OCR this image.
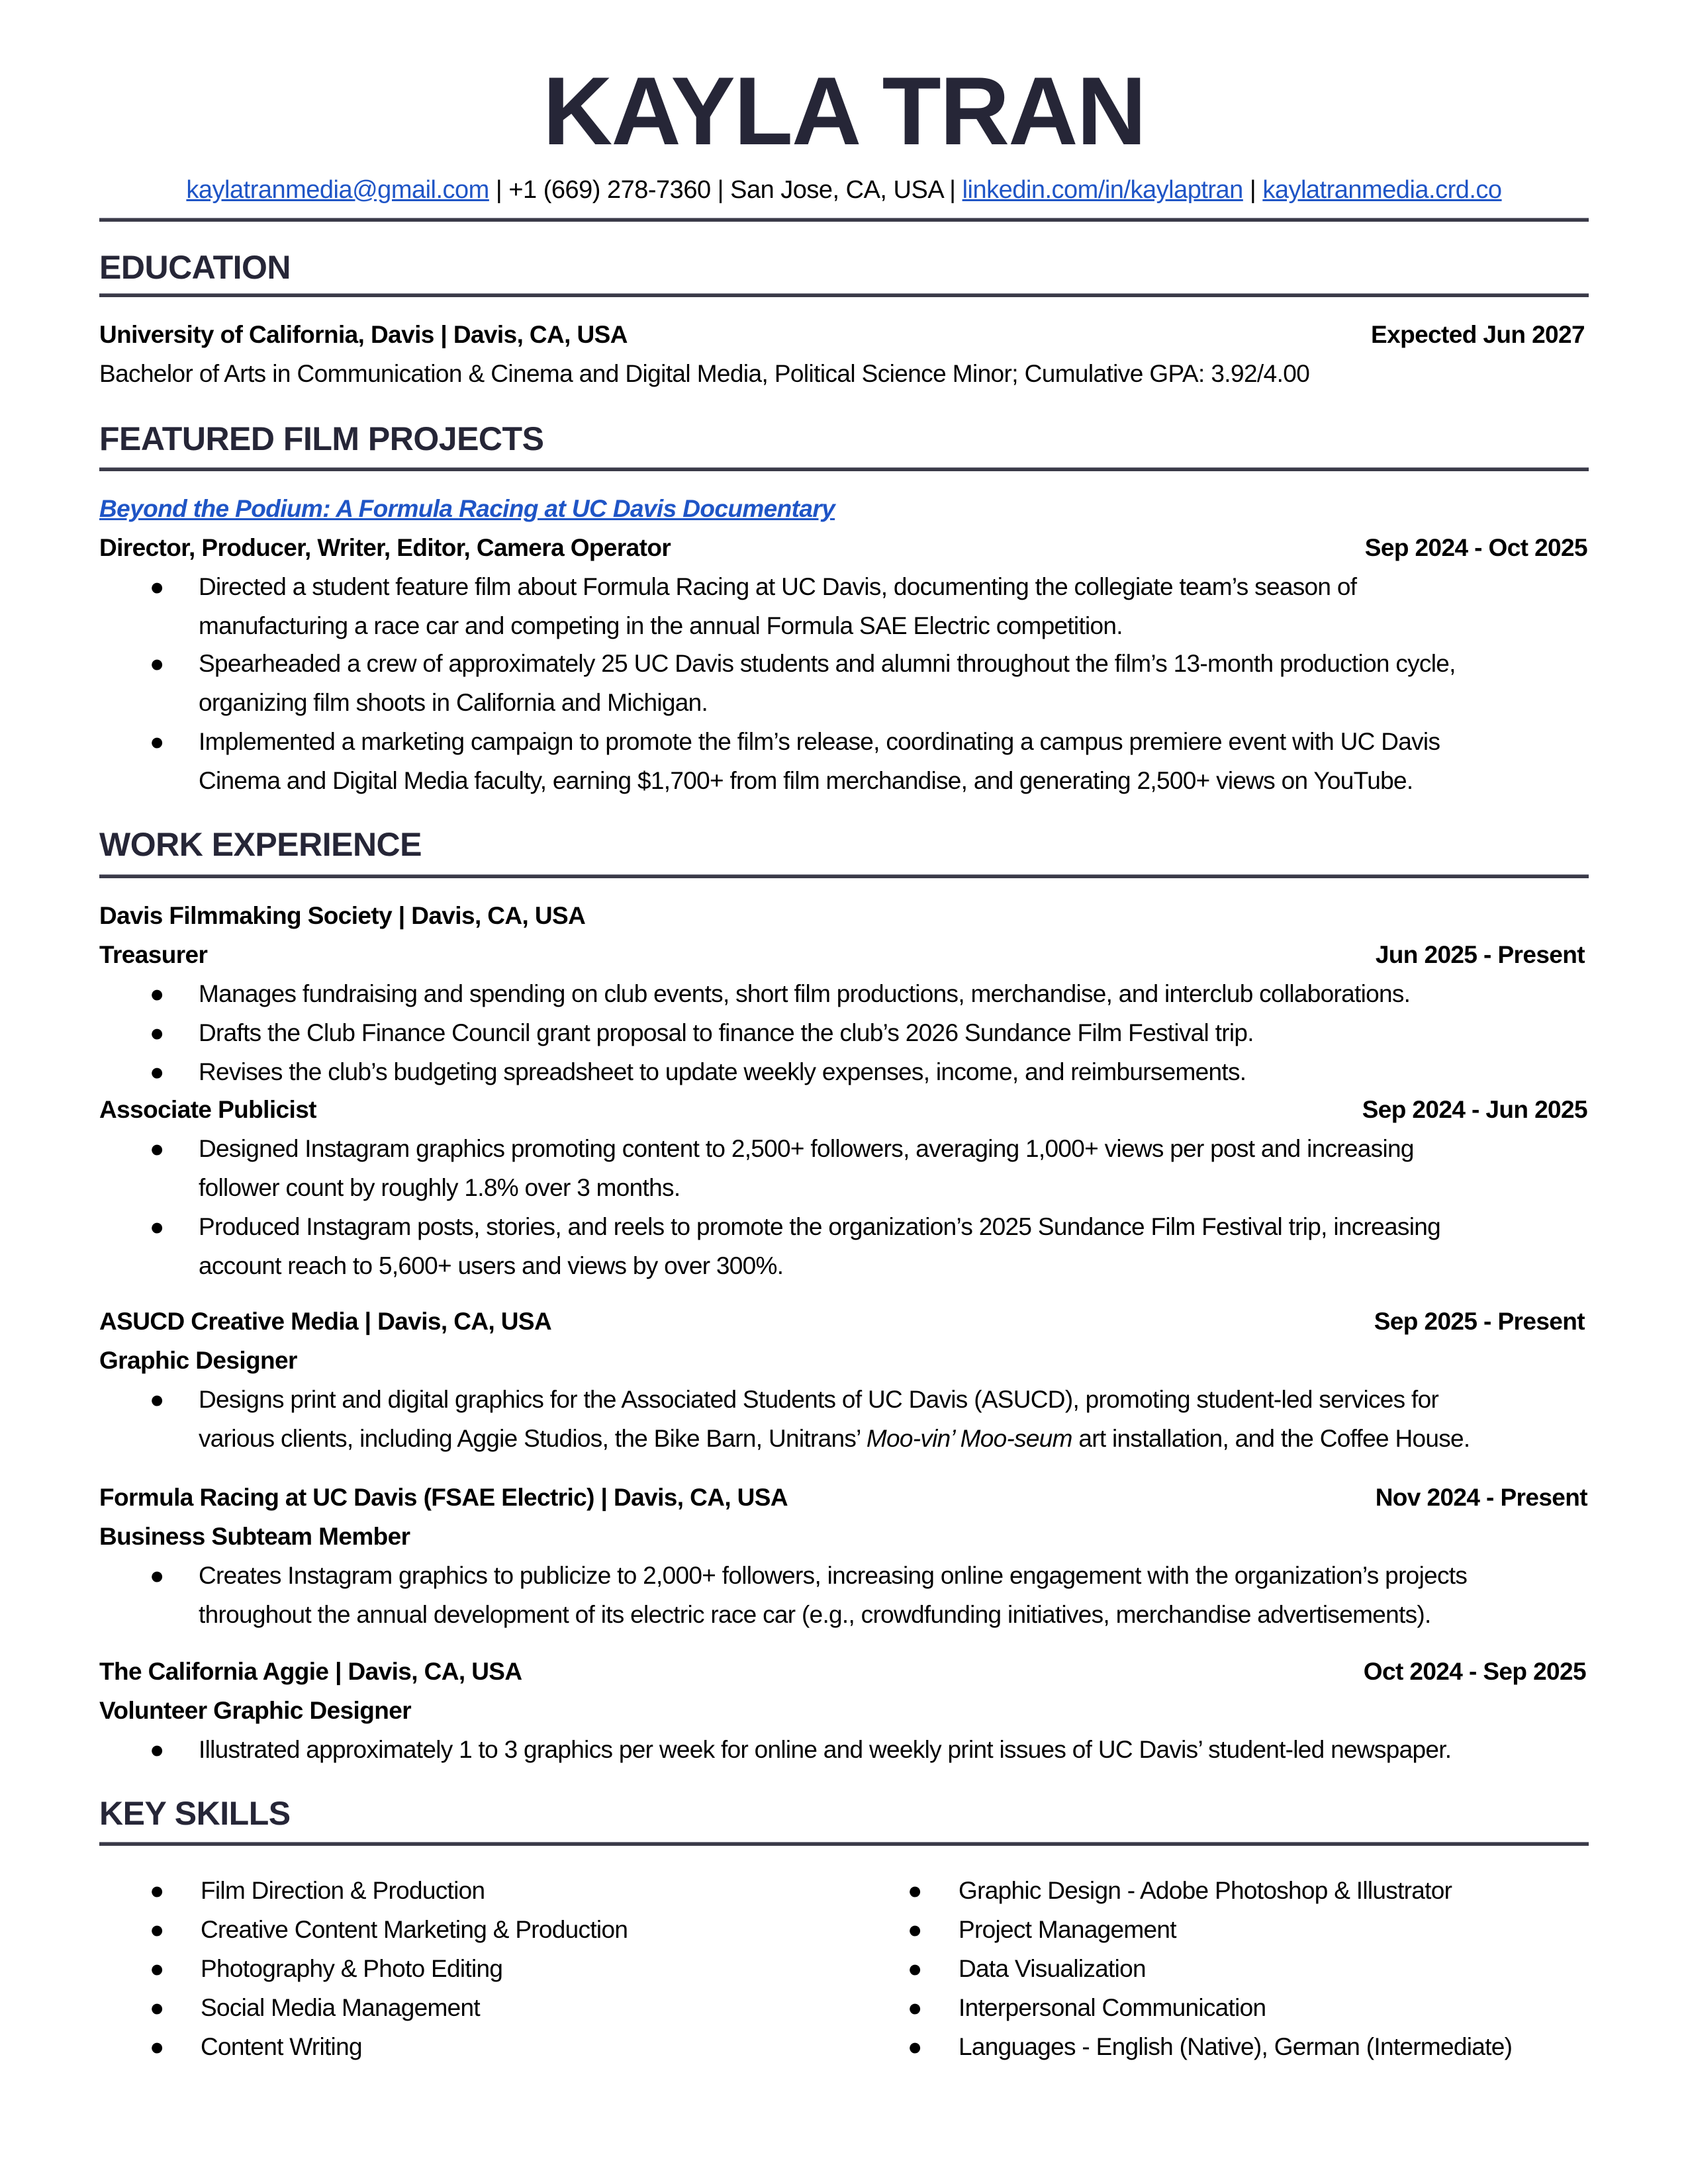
KAYLA TRAN
kaylatranmedia@gmail.com | +1 (669) 278-7360 | San Jose, CA, USA | linkedin.com/in/kaylaptran | kaylatranmedia.crd.co
EDUCATION
University of California, Davis | Davis, CA, USA	Expected Jun 2027
Bachelor of Arts in Communication & Cinema and Digital Media, Political Science Minor; Cumulative GPA: 3.92/4.00
FEATURED FILM PROJECTS
Beyond the Podium: A Formula Racing at UC Davis Documentary
Director, Producer, Writer, Editor, Camera Operator	Sep 2024 - Oct 2025
● Directed a student feature film about Formula Racing at UC Davis, documenting the collegiate team’s season of
manufacturing a race car and competing in the annual Formula SAE Electric competition.
● Spearheaded a crew of approximately 25 UC Davis students and alumni throughout the film’s 13-month production cycle,
organizing film shoots in California and Michigan.
● Implemented a marketing campaign to promote the film’s release, coordinating a campus premiere event with UC Davis
Cinema and Digital Media faculty, earning $1,700+ from film merchandise, and generating 2,500+ views on YouTube.
WORK EXPERIENCE
Davis Filmmaking Society | Davis, CA, USA
Treasurer	Jun 2025 - Present
● Manages fundraising and spending on club events, short film productions, merchandise, and interclub collaborations.
● Drafts the Club Finance Council grant proposal to finance the club’s 2026 Sundance Film Festival trip.
● Revises the club’s budgeting spreadsheet to update weekly expenses, income, and reimbursements.
Associate Publicist	Sep 2024 - Jun 2025
● Designed Instagram graphics promoting content to 2,500+ followers, averaging 1,000+ views per post and increasing
follower count by roughly 1.8% over 3 months.
● Produced Instagram posts, stories, and reels to promote the organization’s 2025 Sundance Film Festival trip, increasing
account reach to 5,600+ users and views by over 300%.
ASUCD Creative Media | Davis, CA, USA	Sep 2025 - Present
Graphic Designer
● Designs print and digital graphics for the Associated Students of UC Davis (ASUCD), promoting student-led services for
various clients, including Aggie Studios, the Bike Barn, Unitrans’ Moo-vin’ Moo-seum art installation, and the Coffee House.
Formula Racing at UC Davis (FSAE Electric) | Davis, CA, USA	Nov 2024 - Present
Business Subteam Member
● Creates Instagram graphics to publicize to 2,000+ followers, increasing online engagement with the organization’s projects
throughout the annual development of its electric race car (e.g., crowdfunding initiatives, merchandise advertisements).
The California Aggie | Davis, CA, USA	Oct 2024 - Sep 2025
Volunteer Graphic Designer
● Illustrated approximately 1 to 3 graphics per week for online and weekly print issues of UC Davis’ student-led newspaper.
KEY SKILLS
● Film Direction & Production
● Creative Content Marketing & Production
● Photography & Photo Editing
● Social Media Management
● Content Writing
● Graphic Design - Adobe Photoshop & Illustrator
● Project Management
● Data Visualization
● Interpersonal Communication
● Languages - English (Native), German (Intermediate)
